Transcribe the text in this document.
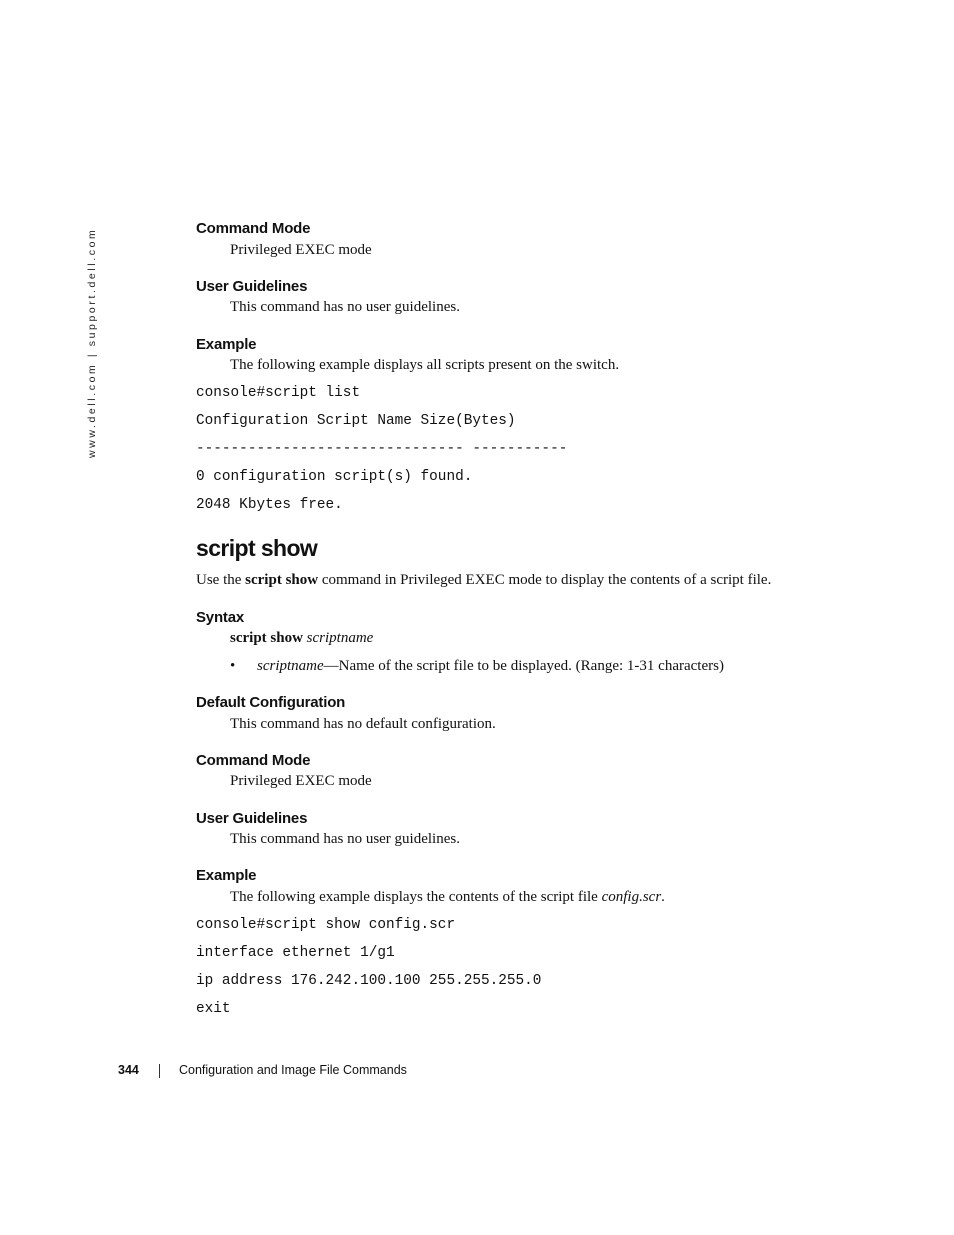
www.dell.com | support.dell.com	Command Mode
Privileged EXEC mode
User Guidelines
This command has no user guidelines.
Example
The following example displays all scripts present on the switch.
console#script list
Configuration Script Name Size(Bytes)
------------------------------- -----------
0 configuration script(s) found.
2048 Kbytes free.
script show
Use the script show command in Privileged EXEC mode to display the contents of a script file.
Syntax
script show scriptname
• scriptname—Name of the script file to be displayed. (Range: 1-31 characters)
Default Configuration
This command has no default configuration.
Command Mode
Privileged EXEC mode
User Guidelines
This command has no user guidelines.
Example
The following example displays the contents of the script file config.scr.
console#script show config.scr
interface ethernet 1/g1
ip address 176.242.100.100 255.255.255.0
exit
344	Configuration and Image File Commands
